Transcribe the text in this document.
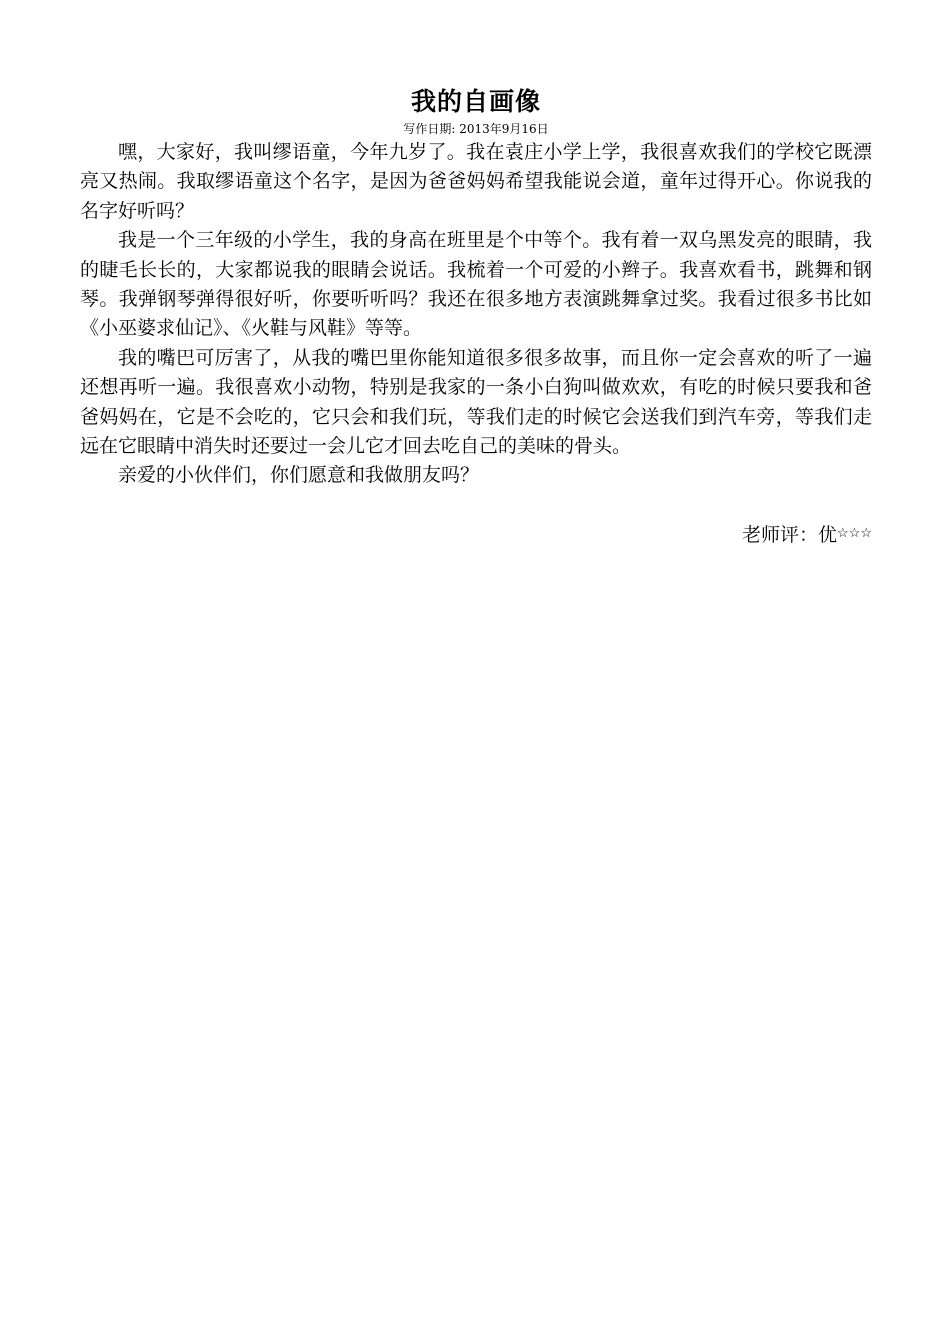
我的自画像
写作日期: 2013年9月16日

嘿，大家好，我叫缪语童，今年九岁了。我在袁庄小学上学，我很喜欢我们的学校它既漂亮又热闹。我取缪语童这个名字，是因为爸爸妈妈希望我能说会道，童年过得开心。你说我的名字好听吗？

我是一个三年级的小学生，我的身高在班里是个中等个。我有着一双乌黑发亮的眼睛，我的睫毛长长的，大家都说我的眼睛会说话。我梳着一个可爱的小辫子。我喜欢看书，跳舞和钢琴。我弹钢琴弹得很好听，你要听听吗？我还在很多地方表演跳舞拿过奖。我看过很多书比如《小巫婆求仙记》、《火鞋与风鞋》等等。

我的嘴巴可厉害了，从我的嘴巴里你能知道很多很多故事，而且你一定会喜欢的听了一遍还想再听一遍。我很喜欢小动物，特别是我家的一条小白狗叫做欢欢，有吃的时候只要我和爸爸妈妈在，它是不会吃的，它只会和我们玩，等我们走的时候它会送我们到汽车旁，等我们走远在它眼睛中消失时还要过一会儿它才回去吃自己的美味的骨头。

亲爱的小伙伴们，你们愿意和我做朋友吗？

老师评：优☆☆☆
